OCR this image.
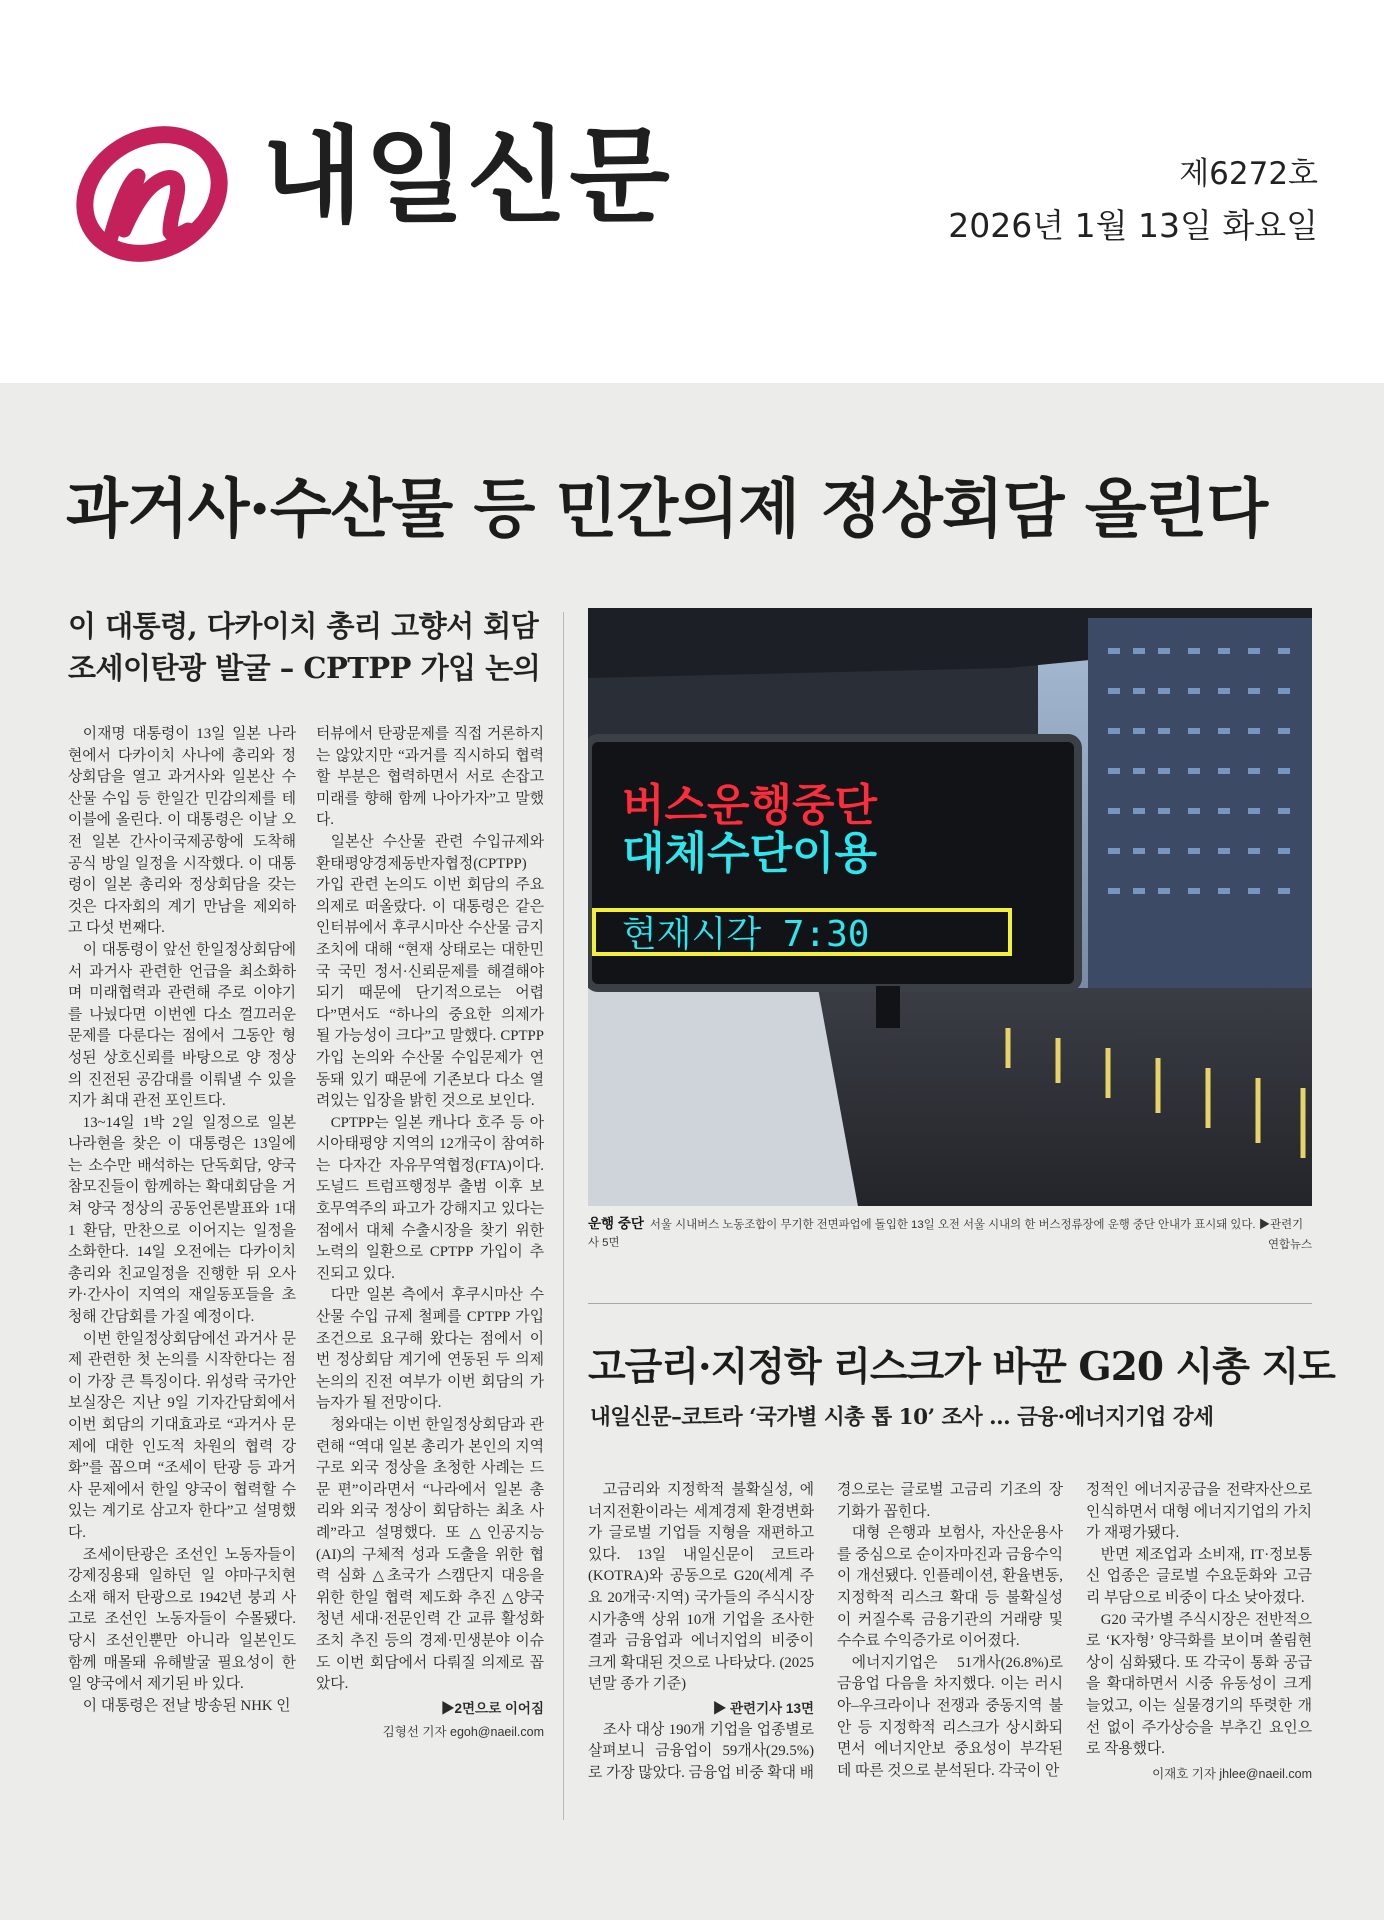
내일신문	제6272호
2026년 1월 13일 화요일
과거사·수산물 등 민간의제 정상회담 올린다
이 대통령, 다카이치 총리 고향서 회담
조세이탄광 발굴 – CPTPP 가입 논의

이재명 대통령이 13일 일본 나라현에서 다카이치 사나에 총리와 정상회담을 열고 과거사와 일본산 수산물 수입 등 한일간 민감의제를 테이블에 올린다. 이 대통령은 이날 오전 일본 간사이국제공항에 도착해 공식 방일 일정을 시작했다. 이 대통령이 일본 총리와 정상회담을 갖는 것은 다자회의 계기 만남을 제외하고 다섯 번째다.

이 대통령이 앞선 한일정상회담에서 과거사 관련한 언급을 최소화하며 미래협력과 관련해 주로 이야기를 나눴다면 이번엔 다소 껄끄러운 문제를 다룬다는 점에서 그동안 형성된 상호신뢰를 바탕으로 양 정상의 진전된 공감대를 이뤄낼 수 있을지가 최대 관전 포인트다.

13~14일 1박 2일 일정으로 일본 나라현을 찾은 이 대통령은 13일에는 소수만 배석하는 단독회담, 양국 참모진들이 함께하는 확대회담을 거쳐 양국 정상의 공동언론발표와 1대 1 환담, 만찬으로 이어지는 일정을 소화한다. 14일 오전에는 다카이치 총리와 친교일정을 진행한 뒤 오사카·간사이 지역의 재일동포들을 초청해 간담회를 가질 예정이다.

이번 한일정상회담에선 과거사 문제 관련한 첫 논의를 시작한다는 점이 가장 큰 특징이다. 위성락 국가안보실장은 지난 9일 기자간담회에서 이번 회담의 기대효과로 “과거사 문제에 대한 인도적 차원의 협력 강화”를 꼽으며 “조세이 탄광 등 과거사 문제에서 한일 양국이 협력할 수 있는 계기로 삼고자 한다”고 설명했다.

조세이탄광은 조선인 노동자들이 강제징용돼 일하던 일 야마구치현 소재 해저 탄광으로 1942년 붕괴 사고로 조선인 노동자들이 수몰됐다. 당시 조선인뿐만 아니라 일본인도 함께 매몰돼 유해발굴 필요성이 한일 양국에서 제기된 바 있다.

이 대통령은 전날 방송된 NHK 인

터뷰에서 탄광문제를 직접 거론하지는 않았지만 “과거를 직시하되 협력할 부분은 협력하면서 서로 손잡고 미래를 향해 함께 나아가자”고 말했다.

일본산 수산물 관련 수입규제와 환태평양경제동반자협정(CPTPP) 가입 관련 논의도 이번 회담의 주요 의제로 떠올랐다. 이 대통령은 같은 인터뷰에서 후쿠시마산 수산물 금지 조치에 대해 “현재 상태로는 대한민국 국민 정서·신뢰문제를 해결해야 되기 때문에 단기적으로는 어렵다”면서도 “하나의 중요한 의제가 될 가능성이 크다”고 말했다. CPTPP 가입 논의와 수산물 수입문제가 연동돼 있기 때문에 기존보다 다소 열려있는 입장을 밝힌 것으로 보인다.

CPTPP는 일본 캐나다 호주 등 아시아태평양 지역의 12개국이 참여하는 다자간 자유무역협정(FTA)이다. 도널드 트럼프행정부 출범 이후 보호무역주의 파고가 강해지고 있다는 점에서 대체 수출시장을 찾기 위한 노력의 일환으로 CPTPP 가입이 추진되고 있다.

다만 일본 측에서 후쿠시마산 수산물 수입 규제 철폐를 CPTPP 가입 조건으로 요구해 왔다는 점에서 이번 정상회담 계기에 연동된 두 의제 논의의 진전 여부가 이번 회담의 가늠자가 될 전망이다.

청와대는 이번 한일정상회담과 관련해 “역대 일본 총리가 본인의 지역구로 외국 정상을 초청한 사례는 드문 편”이라면서 “나라에서 일본 총리와 외국 정상이 회담하는 최초 사례”라고 설명했다. 또 △인공지능(AI)의 구체적 성과 도출을 위한 협력 심화 △초국가 스캠단지 대응을 위한 한일 협력 제도화 추진 △양국 청년 세대·전문인력 간 교류 활성화 조치 추진 등의 경제·민생분야 이슈도 이번 회담에서 다뤄질 의제로 꼽았다.

▶2면으로 이어짐

김형선 기자 egoh@naeil.com

버스운행중단
대체수단이용
현재시각 7:30
운행 중단 서울 시내버스 노동조합이 무기한 전면파업에 돌입한 13일 오전 서울 시내의 한 버스정류장에 운행 중단 안내가 표시돼 있다. ▶관련기사 5면	연합뉴스
고금리·지정학 리스크가 바꾼 G20 시총 지도
내일신문–코트라 ‘국가별 시총 톱 10’ 조사 … 금융·에너지기업 강세

고금리와 지정학적 불확실성, 에너지전환이라는 세계경제 환경변화가 글로벌 기업들 지형을 재편하고 있다. 13일 내일신문이 코트라(KOTRA)와 공동으로 G20(세계 주요 20개국·지역) 국가들의 주식시장 시가총액 상위 10개 기업을 조사한 결과 금융업과 에너지업의 비중이 크게 확대된 것으로 나타났다. (2025년말 종가 기준)

▶ 관련기사 13면

조사 대상 190개 기업을 업종별로 살펴보니 금융업이 59개사(29.5%)로 가장 많았다. 금융업 비중 확대 배

경으로는 글로벌 고금리 기조의 장기화가 꼽힌다.

대형 은행과 보험사, 자산운용사를 중심으로 순이자마진과 금융수익이 개선됐다. 인플레이션, 환율변동, 지정학적 리스크 확대 등 불확실성이 커질수록 금융기관의 거래량 및 수수료 수익증가로 이어졌다.

에너지기업은 51개사(26.8%)로 금융업 다음을 차지했다. 이는 러시아–우크라이나 전쟁과 중동지역 불안 등 지정학적 리스크가 상시화되면서 에너지안보 중요성이 부각된 데 따른 것으로 분석된다. 각국이 안

정적인 에너지공급을 전략자산으로 인식하면서 대형 에너지기업의 가치가 재평가됐다.

반면 제조업과 소비재, IT·정보통신 업종은 글로벌 수요둔화와 고금리 부담으로 비중이 다소 낮아졌다.

G20 국가별 주식시장은 전반적으로 ‘K자형’ 양극화를 보이며 쏠림현상이 심화됐다. 또 각국이 통화 공급을 확대하면서 시중 유동성이 크게 늘었고, 이는 실물경기의 뚜렷한 개선 없이 주가상승을 부추긴 요인으로 작용했다.

이재호 기자 jhlee@naeil.com
